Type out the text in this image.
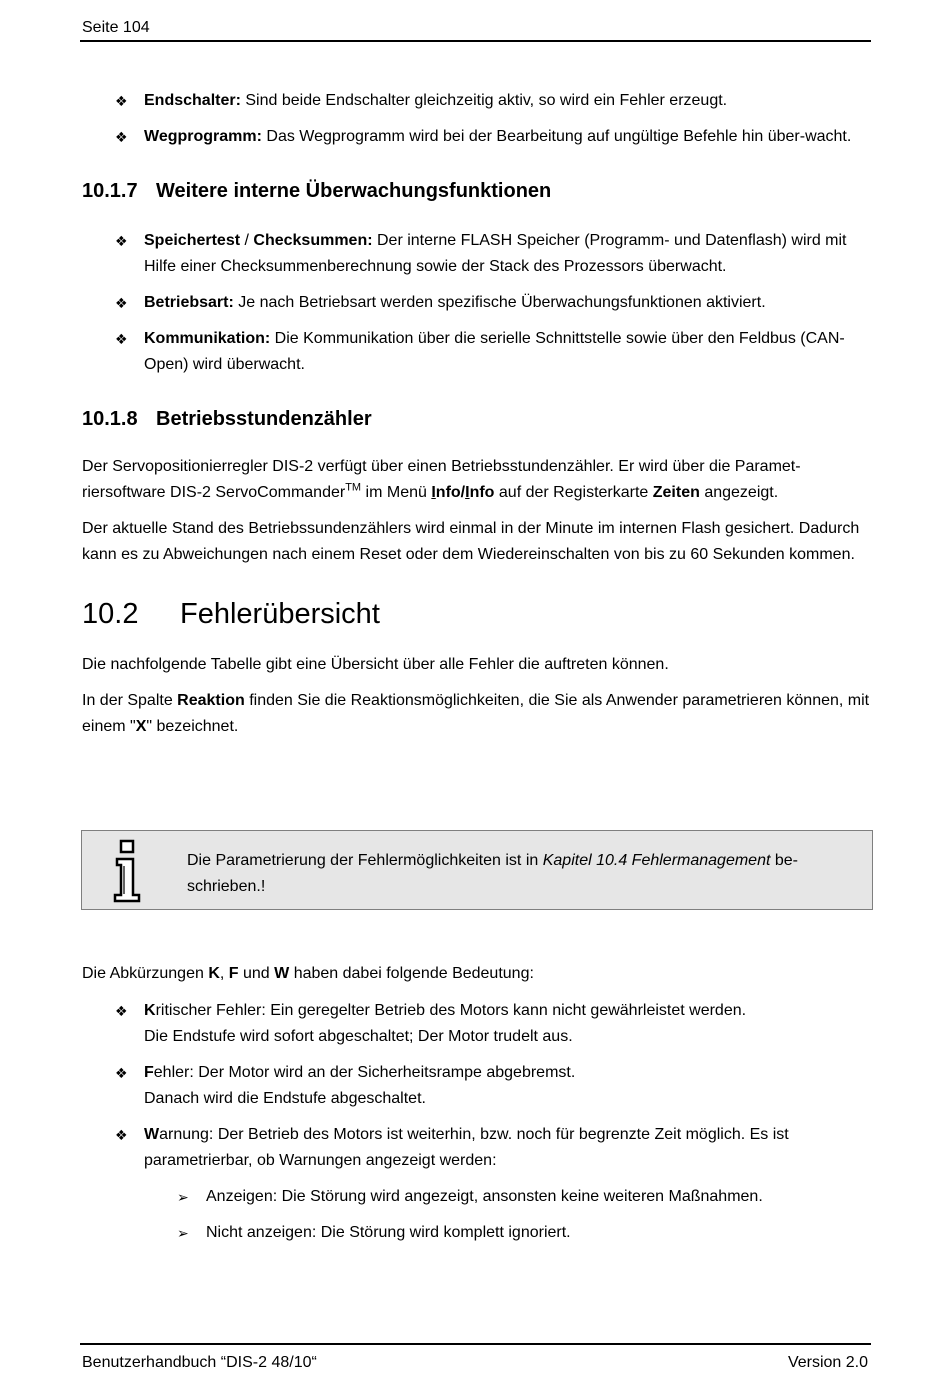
Seite 104
❖ Endschalter: Sind beide Endschalter gleichzeitig aktiv, so wird ein Fehler erzeugt.
❖ Wegprogramm: Das Wegprogramm wird bei der Bearbeitung auf ungültige Befehle hin über-wacht.
10.1.7 Weitere interne Überwachungsfunktionen
❖ Speichertest / Checksummen: Der interne FLASH Speicher (Programm- und Datenflash) wird mit Hilfe einer Checksummenberechnung sowie der Stack des Prozessors überwacht.
❖ Betriebsart: Je nach Betriebsart werden spezifische Überwachungsfunktionen aktiviert.
❖ Kommunikation: Die Kommunikation über die serielle Schnittstelle sowie über den Feldbus (CAN-Open) wird überwacht.
10.1.8 Betriebsstundenzähler

Der Servopositionierregler DIS-2 verfügt über einen Betriebsstundenzähler. Er wird über die Paramet-riersoftware DIS-2 ServoCommander™ im Menü Info/Info auf der Registerkarte Zeiten angezeigt.

Der aktuelle Stand des Betriebssundenzählers wird einmal in der Minute im internen Flash gesichert. Dadurch kann es zu Abweichungen nach einem Reset oder dem Wiedereinschalten von bis zu 60 Sekunden kommen.

10.2 Fehlerübersicht

Die nachfolgende Tabelle gibt eine Übersicht über alle Fehler die auftreten können.

In der Spalte Reaktion finden Sie die Reaktionsmöglichkeiten, die Sie als Anwender parametrieren können, mit einem "X" bezeichnet.

Die Parametrierung der Fehlermöglichkeiten ist in Kapitel 10.4 Fehlermanagement be-schrieben.!

Die Abkürzungen K, F und W haben dabei folgende Bedeutung:

❖ Kritischer Fehler: Ein geregelter Betrieb des Motors kann nicht gewährleistet werden.
Die Endstufe wird sofort abgeschaltet; Der Motor trudelt aus.
❖ Fehler: Der Motor wird an der Sicherheitsrampe abgebremst.
Danach wird die Endstufe abgeschaltet.
❖ Warnung: Der Betrieb des Motors ist weiterhin, bzw. noch für begrenzte Zeit möglich. Es ist parametrierbar, ob Warnungen angezeigt werden:
➢ Anzeigen: Die Störung wird angezeigt, ansonsten keine weiteren Maßnahmen.
➢ Nicht anzeigen: Die Störung wird komplett ignoriert.
Benutzerhandbuch “DIS-2 48/10“	Version 2.0
